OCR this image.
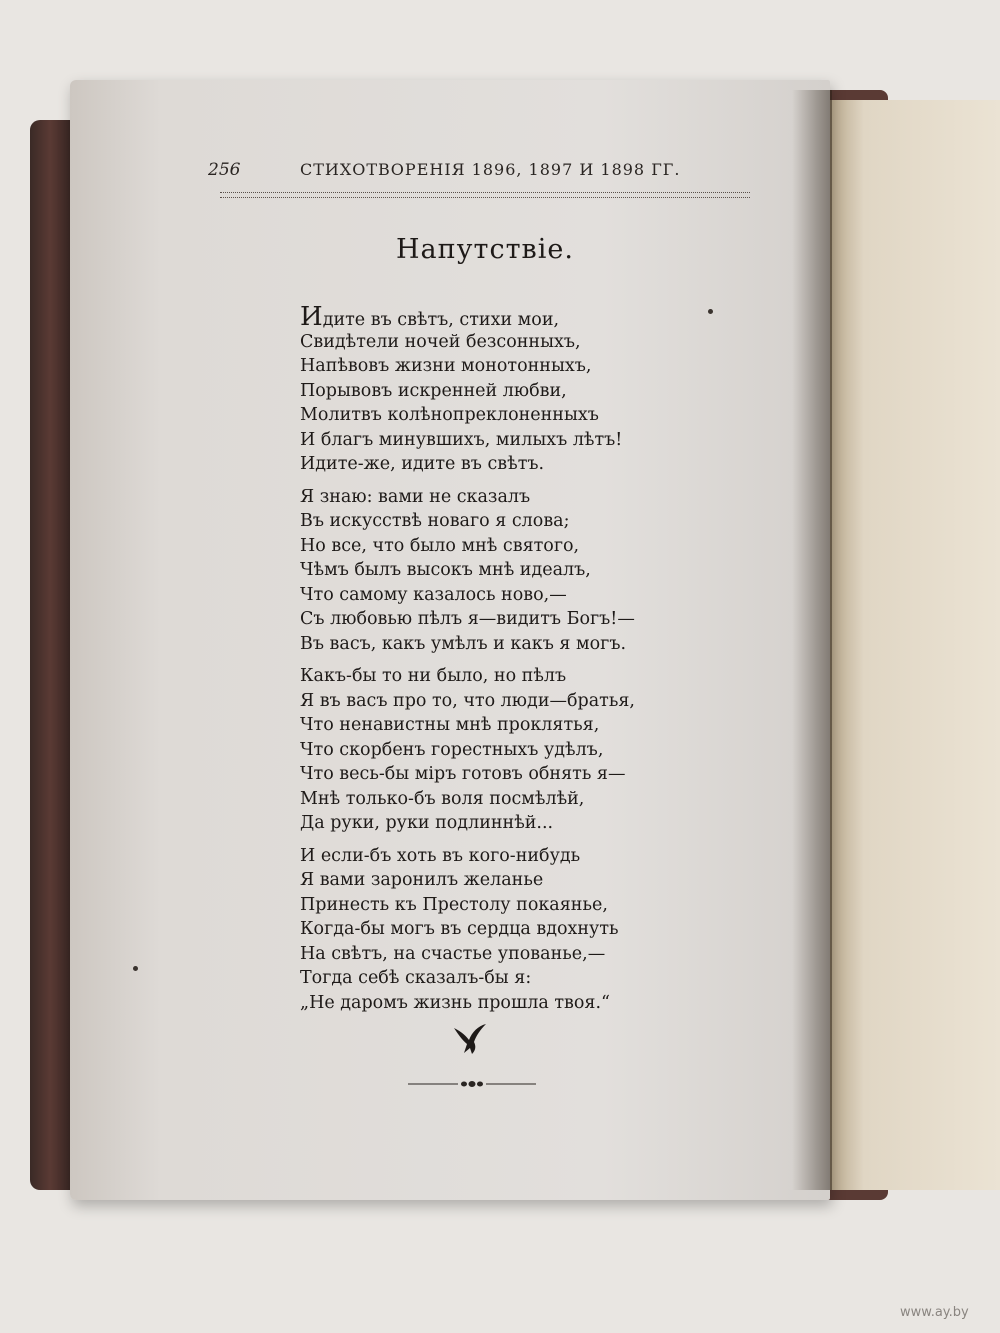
256	СТИХОТВОРЕНІЯ 1896, 1897 И 1898 ГГ.
Напутствіе.
Идите въ свѣтъ, стихи мои,
Свидѣтели ночей безсонныхъ,
Напѣвовъ жизни монотонныхъ,
Порывовъ искренней любви,
Молитвъ колѣнопреклоненныхъ
И благъ минувшихъ, милыхъ лѣтъ!
Идите-же, идите въ свѣтъ.
Я знаю: вами не сказалъ
Въ искусствѣ новаго я слова;
Но все, что было мнѣ святого,
Чѣмъ былъ высокъ мнѣ идеалъ,
Что самому казалось ново,—
Съ любовью пѣлъ я—видитъ Богъ!—
Въ васъ, какъ умѣлъ и какъ я могъ.
Какъ-бы то ни было, но пѣлъ
Я въ васъ про то, что люди—братья,
Что ненавистны мнѣ проклятья,
Что скорбенъ горестныхъ удѣлъ,
Что весь-бы міръ готовъ обнять я—
Мнѣ только-бъ воля посмѣлѣй,
Да руки, руки подлиннѣй...
И если-бъ хоть въ кого-нибудь
Я вами заронилъ желанье
Принесть къ Престолу покаянье,
Когда-бы могъ въ сердца вдохнуть
На свѣтъ, на счастье упованье,—
Тогда себѣ сказалъ-бы я:
„Не даромъ жизнь прошла твоя.“
www.ay.by
